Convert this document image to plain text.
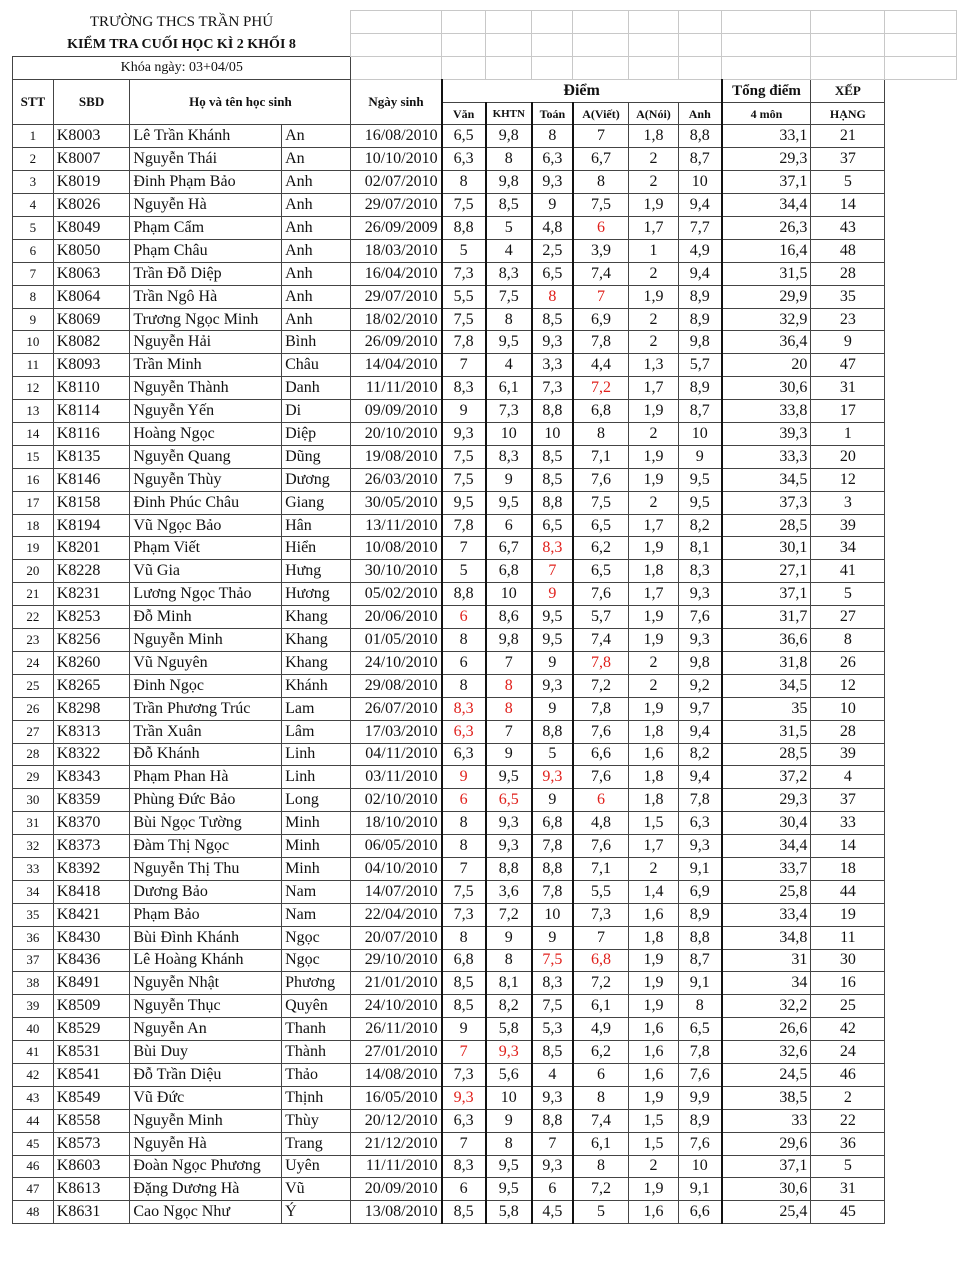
TRƯỜNG THCS TRẦN PHÚ													
KIỂM TRA CUỐI HỌC KÌ 2 KHỐI 8													
Khóa ngày: 03+04/05													
STT	SBD	Họ và tên học sinh		Ngày sinh	Điểm						Tổng điểm	XẾP	
					Văn	KHTN	Toán	A(Viết)	A(Nói)	Anh	4 môn	HẠNG	
1	K8003	Lê Trần Khánh	An	16/08/2010	6,5	9,8	8	7	1,8	8,8	33,1	21	
2	K8007	Nguyễn Thái	An	10/10/2010	6,3	8	6,3	6,7	2	8,7	29,3	37	
3	K8019	Đinh Phạm Bảo	Anh	02/07/2010	8	9,8	9,3	8	2	10	37,1	5	
4	K8026	Nguyễn Hà	Anh	29/07/2010	7,5	8,5	9	7,5	1,9	9,4	34,4	14	
5	K8049	Phạm Cẩm	Anh	26/09/2009	8,8	5	4,8	6	1,7	7,7	26,3	43	
6	K8050	Phạm Châu	Anh	18/03/2010	5	4	2,5	3,9	1	4,9	16,4	48	
7	K8063	Trần Đỗ Diệp	Anh	16/04/2010	7,3	8,3	6,5	7,4	2	9,4	31,5	28	
8	K8064	Trần Ngô Hà	Anh	29/07/2010	5,5	7,5	8	7	1,9	8,9	29,9	35	
9	K8069	Trương Ngọc Minh	Anh	18/02/2010	7,5	8	8,5	6,9	2	8,9	32,9	23	
10	K8082	Nguyễn Hải	Bình	26/09/2010	7,8	9,5	9,3	7,8	2	9,8	36,4	9	
11	K8093	Trần Minh	Châu	14/04/2010	7	4	3,3	4,4	1,3	5,7	20	47	
12	K8110	Nguyễn Thành	Danh	11/11/2010	8,3	6,1	7,3	7,2	1,7	8,9	30,6	31	
13	K8114	Nguyễn Yến	Di	09/09/2010	9	7,3	8,8	6,8	1,9	8,7	33,8	17	
14	K8116	Hoàng Ngọc	Diệp	20/10/2010	9,3	10	10	8	2	10	39,3	1	
15	K8135	Nguyễn Quang	Dũng	19/08/2010	7,5	8,3	8,5	7,1	1,9	9	33,3	20	
16	K8146	Nguyễn Thùy	Dương	26/03/2010	7,5	9	8,5	7,6	1,9	9,5	34,5	12	
17	K8158	Đinh Phúc Châu	Giang	30/05/2010	9,5	9,5	8,8	7,5	2	9,5	37,3	3	
18	K8194	Vũ Ngọc Bảo	Hân	13/11/2010	7,8	6	6,5	6,5	1,7	8,2	28,5	39	
19	K8201	Phạm Viết	Hiển	10/08/2010	7	6,7	8,3	6,2	1,9	8,1	30,1	34	
20	K8228	Vũ Gia	Hưng	30/10/2010	5	6,8	7	6,5	1,8	8,3	27,1	41	
21	K8231	Lương Ngọc Thảo	Hương	05/02/2010	8,8	10	9	7,6	1,7	9,3	37,1	5	
22	K8253	Đỗ Minh	Khang	20/06/2010	6	8,6	9,5	5,7	1,9	7,6	31,7	27	
23	K8256	Nguyễn Minh	Khang	01/05/2010	8	9,8	9,5	7,4	1,9	9,3	36,6	8	
24	K8260	Vũ Nguyên	Khang	24/10/2010	6	7	9	7,8	2	9,8	31,8	26	
25	K8265	Đinh Ngọc	Khánh	29/08/2010	8	8	9,3	7,2	2	9,2	34,5	12	
26	K8298	Trần Phương Trúc	Lam	26/07/2010	8,3	8	9	7,8	1,9	9,7	35	10	
27	K8313	Trần Xuân	Lâm	17/03/2010	6,3	7	8,8	7,6	1,8	9,4	31,5	28	
28	K8322	Đỗ Khánh	Linh	04/11/2010	6,3	9	5	6,6	1,6	8,2	28,5	39	
29	K8343	Phạm Phan Hà	Linh	03/11/2010	9	9,5	9,3	7,6	1,8	9,4	37,2	4	
30	K8359	Phùng Đức Bảo	Long	02/10/2010	6	6,5	9	6	1,8	7,8	29,3	37	
31	K8370	Bùi Ngọc Tường	Minh	18/10/2010	8	9,3	6,8	4,8	1,5	6,3	30,4	33	
32	K8373	Đàm Thị Ngọc	Minh	06/05/2010	8	9,3	7,8	7,6	1,7	9,3	34,4	14	
33	K8392	Nguyễn Thị Thu	Minh	04/10/2010	7	8,8	8,8	7,1	2	9,1	33,7	18	
34	K8418	Dương Bảo	Nam	14/07/2010	7,5	3,6	7,8	5,5	1,4	6,9	25,8	44	
35	K8421	Phạm Bảo	Nam	22/04/2010	7,3	7,2	10	7,3	1,6	8,9	33,4	19	
36	K8430	Bùi Đình Khánh	Ngọc	20/07/2010	8	9	9	7	1,8	8,8	34,8	11	
37	K8436	Lê Hoàng Khánh	Ngọc	29/10/2010	6,8	8	7,5	6,8	1,9	8,7	31	30	
38	K8491	Nguyễn Nhật	Phương	21/01/2010	8,5	8,1	8,3	7,2	1,9	9,1	34	16	
39	K8509	Nguyễn Thục	Quyên	24/10/2010	8,5	8,2	7,5	6,1	1,9	8	32,2	25	
40	K8529	Nguyễn An	Thanh	26/11/2010	9	5,8	5,3	4,9	1,6	6,5	26,6	42	
41	K8531	Bùi Duy	Thành	27/01/2010	7	9,3	8,5	6,2	1,6	7,8	32,6	24	
42	K8541	Đỗ Trần Diệu	Thảo	14/08/2010	7,3	5,6	4	6	1,6	7,6	24,5	46	
43	K8549	Vũ Đức	Thịnh	16/05/2010	9,3	10	9,3	8	1,9	9,9	38,5	2	
44	K8558	Nguyễn Minh	Thùy	20/12/2010	6,3	9	8,8	7,4	1,5	8,9	33	22	
45	K8573	Nguyễn Hà	Trang	21/12/2010	7	8	7	6,1	1,5	7,6	29,6	36	
46	K8603	Đoàn Ngọc Phương	Uyên	11/11/2010	8,3	9,5	9,3	8	2	10	37,1	5	
47	K8613	Đặng Dương Hà	Vũ	20/09/2010	6	9,5	6	7,2	1,9	9,1	30,6	31	
48	K8631	Cao Ngọc Như	Ý	13/08/2010	8,5	5,8	4,5	5	1,6	6,6	25,4	45	
